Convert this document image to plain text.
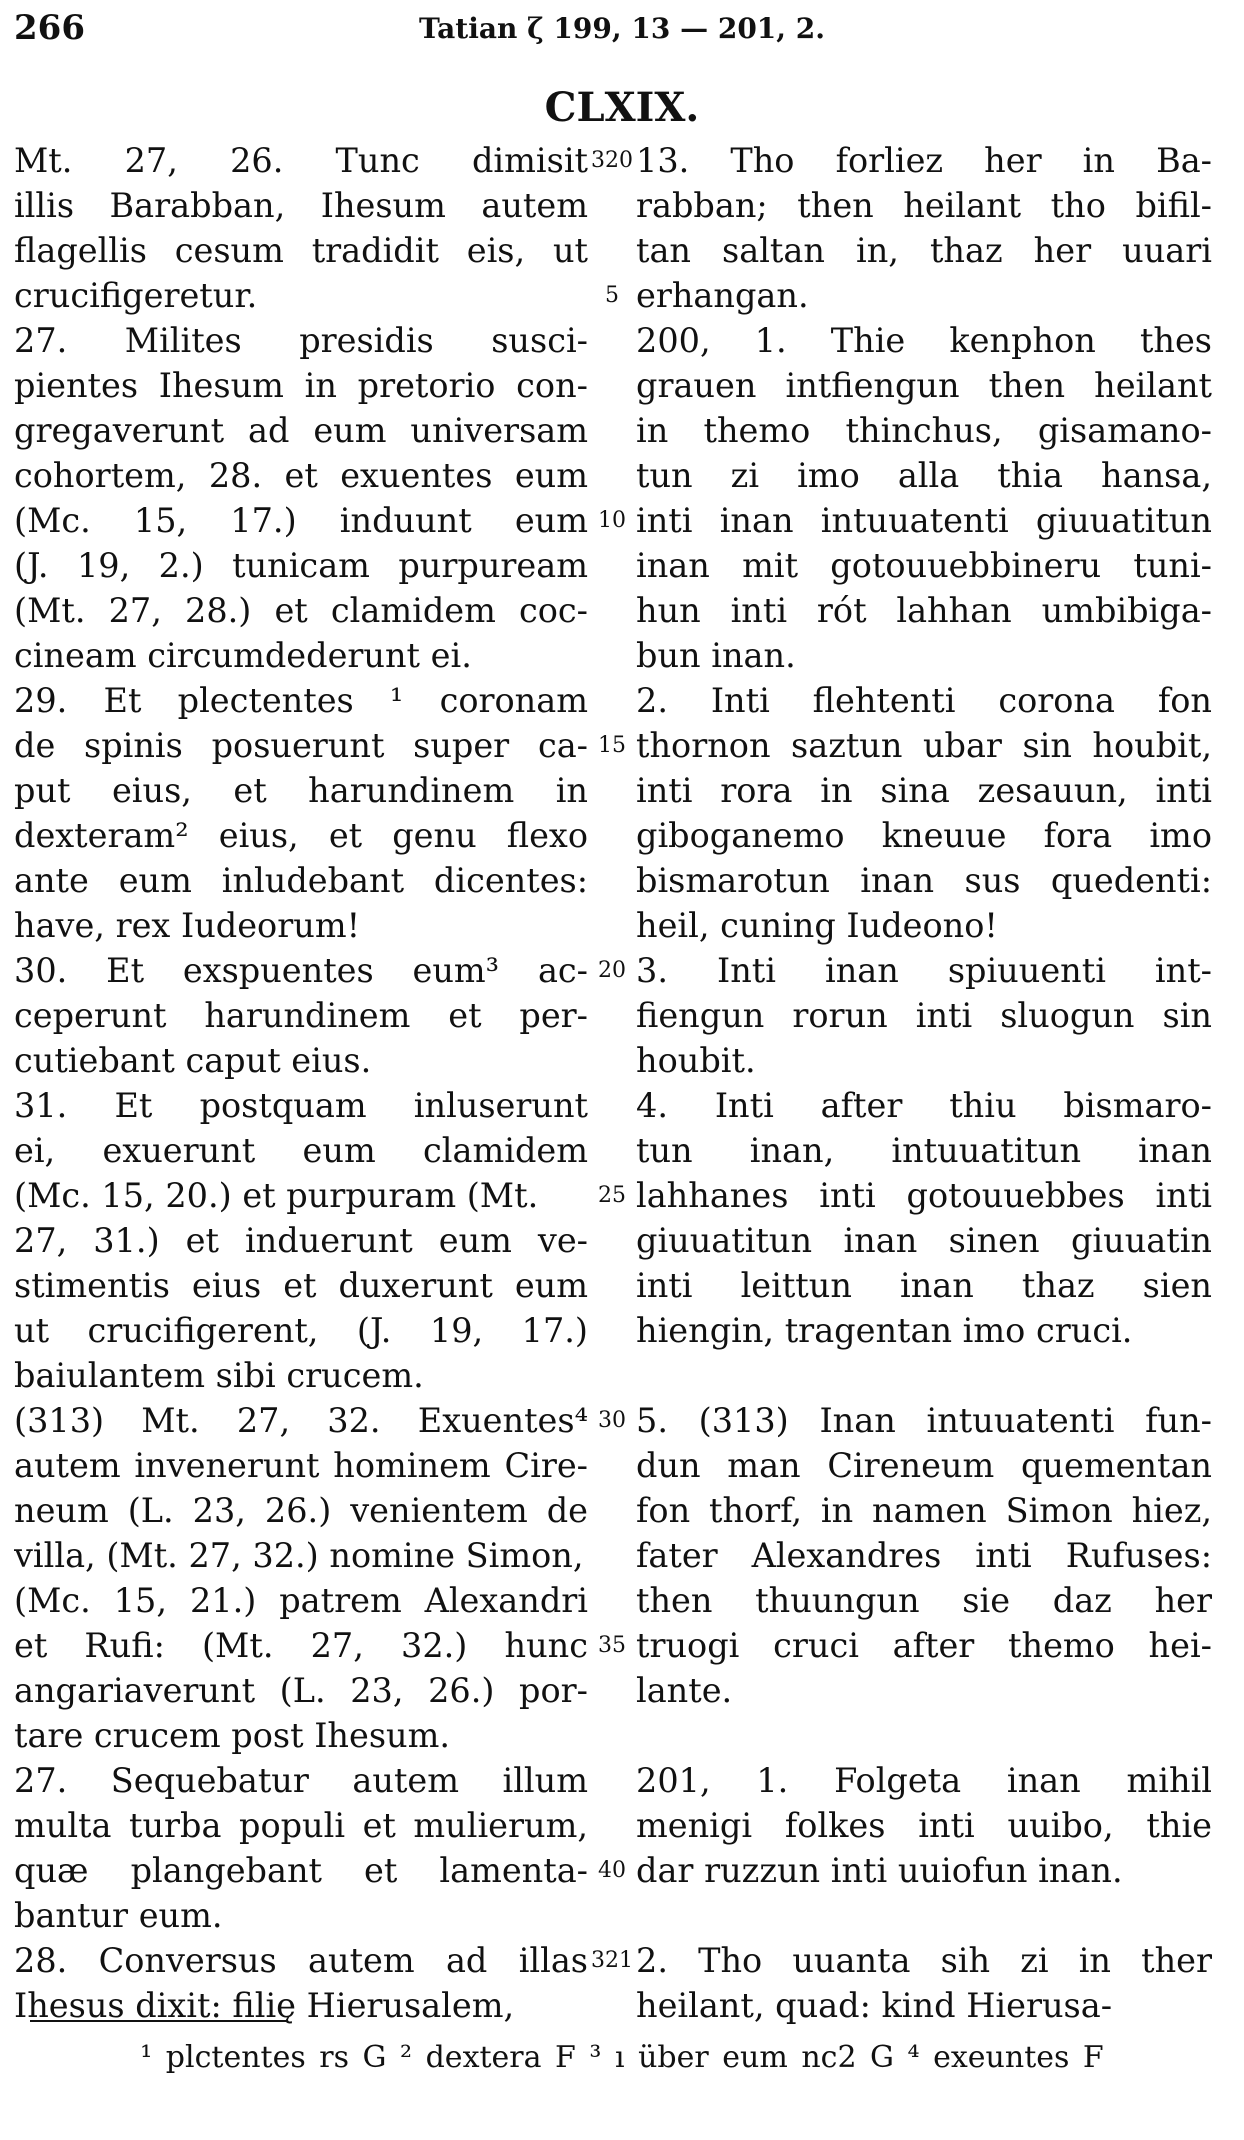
266	Tatian ζ 199, 13 — 201, 2.
CLXIX.
Mt. 27, 26. Tunc dimisit
illis Barabban, Ihesum autem
flagellis cesum tradidit eis, ut
crucifigeretur.
27. Milites presidis susci-
pientes Ihesum in pretorio con-
gregaverunt ad eum universam
cohortem, 28. et exuentes eum
(Mc. 15, 17.) induunt eum
(J. 19, 2.) tunicam purpuream
(Mt. 27, 28.) et clamidem coc-
cineam circumdederunt ei.
29. Et plectentes ¹ coronam
de spinis posuerunt super ca-
put eius, et harundinem in
dexteram² eius, et genu flexo
ante eum inludebant dicentes:
have, rex Iudeorum!
30. Et exspuentes eum³ ac-
ceperunt harundinem et per-
cutiebant caput eius.
31. Et postquam inluserunt
ei, exuerunt eum clamidem
(Mc. 15, 20.) et purpuram (Mt.
27, 31.) et induerunt eum ve-
stimentis eius et duxerunt eum
ut crucifigerent, (J. 19, 17.)
baiulantem sibi crucem.
(313) Mt. 27, 32. Exuentes⁴
autem invenerunt hominem Cire-
neum (L. 23, 26.) venientem de
villa, (Mt. 27, 32.) nomine Simon,
(Mc. 15, 21.) patrem Alexandri
et Rufi: (Mt. 27, 32.) hunc
angariaverunt (L. 23, 26.) por-
tare crucem post Ihesum.
27. Sequebatur autem illum
multa turba populi et mulierum,
quæ plangebant et lamenta-
bantur eum.
28. Conversus autem ad illas
Ihesus dixit: filię Hierusalem,
320
5
10
15
20
25
30
35
40
321
13. Tho forliez her in Ba-
rabban; then heilant tho bifil-
tan saltan in, thaz her uuari
erhangan.
200, 1. Thie kenphon thes
grauen intfiengun then heilant
in themo thinchus, gisamano-
tun zi imo alla thia hansa,
inti inan intuuatenti giuuatitun
inan mit gotouuebbineru tuni-
hun inti rót lahhan umbibiga-
bun inan.
2. Inti flehtenti corona fon
thornon saztun ubar sin houbit,
inti rora in sina zesauun, inti
giboganemo kneuue fora imo
bismarotun inan sus quedenti:
heil, cuning Iudeono!
3. Inti inan spiuuenti int-
fiengun rorun inti sluogun sin
houbit.
4. Inti after thiu bismaro-
tun inan, intuuatitun inan
lahhanes inti gotouuebbes inti
giuuatitun inan sinen giuuatin
inti leittun inan thaz sien
hiengin, tragentan imo cruci.
5. (313) Inan intuuatenti fun-
dun man Cireneum quementan
fon thorf, in namen Simon hiez,
fater Alexandres inti Rufuses:
then thuungun sie daz her
truogi cruci after themo hei-
lante.
201, 1. Folgeta inan mihil
menigi folkes inti uuibo, thie
dar ruzzun inti uuiofun inan.
2. Tho uuanta sih zi in ther
heilant, quad: kind Hierusa-
¹ plctentes rs G ² dextera F ³ ı über eum nc2 G ⁴ exeuntes F
